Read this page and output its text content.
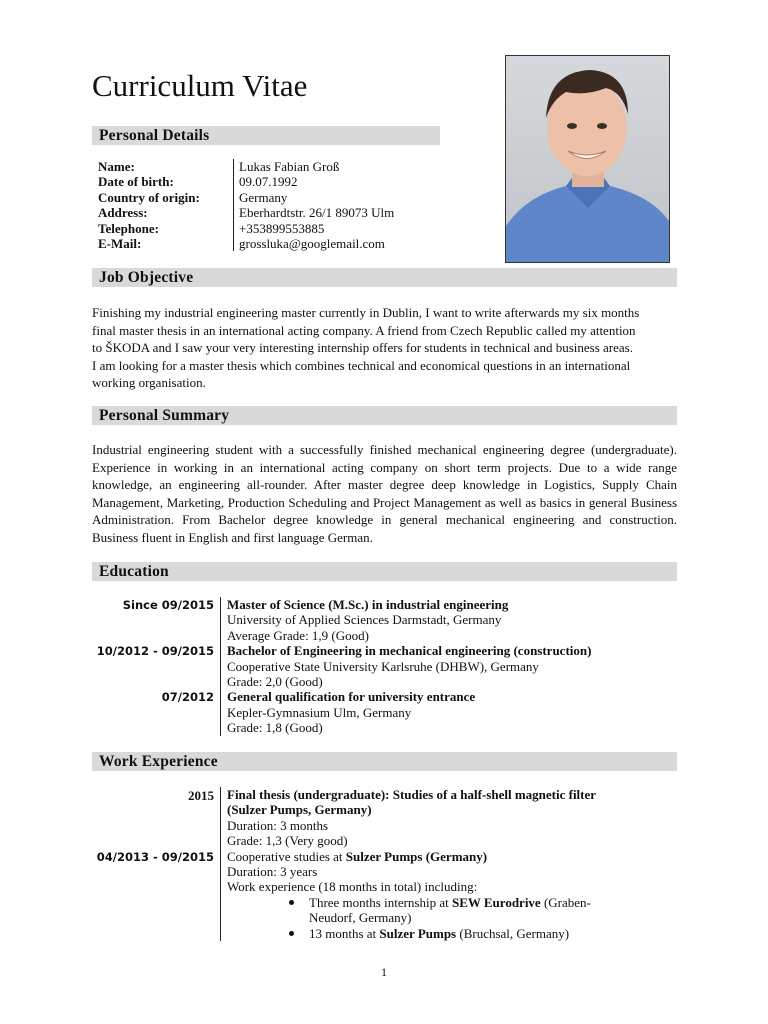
Curriculum Vitae
Personal Details
Name:	Lukas Fabian Groß
Date of birth:	09.07.1992
Country of origin:	Germany
Address:	Eberhardtstr. 26/1 89073 Ulm
Telephone:	+353899553885
E-Mail:	grossluka@googlemail.com
Job Objective
Finishing my industrial engineering master currently in Dublin, I want to write afterwards my six months
final master thesis in an international acting company. A friend from Czech Republic called my attention
to ŠKODA and I saw your very interesting internship offers for students in technical and business areas.
I am looking for a master thesis which combines technical and economical questions in an international
working organisation.
Personal Summary

Industrial engineering student with a successfully finished mechanical engineering degree (undergraduate). Experience in working in an international acting company on short term projects. Due to a wide range knowledge, an engineering all-rounder. After master degree deep knowledge in Logistics, Supply Chain Management, Marketing, Production Scheduling and Project Management as well as basics in general Business Administration. From Bachelor degree knowledge in general mechanical engineering and construction. Business fluent in English and first language German.

Education
Since 09/2015	Master of Science (M.Sc.) in industrial engineering
University of Applied Sciences Darmstadt, Germany
Average Grade: 1,9 (Good)
10/2012 - 09/2015	Bachelor of Engineering in mechanical engineering (construction)
Cooperative State University Karlsruhe (DHBW), Germany
Grade: 2,0 (Good)
07/2012	General qualification for university entrance
Kepler-Gymnasium Ulm, Germany
Grade: 1,8 (Good)
Work Experience
2015	Final thesis (undergraduate): Studies of a half-shell magnetic filter
(Sulzer Pumps, Germany)
Duration: 3 months
Grade: 1,3 (Very good)
04/2013 - 09/2015	Cooperative studies at Sulzer Pumps (Germany)
Duration: 3 years
Work experience (18 months in total) including:
Three months internship at SEW Eurodrive (Graben-
Neudorf, Germany)
13 months at Sulzer Pumps (Bruchsal, Germany)
1
